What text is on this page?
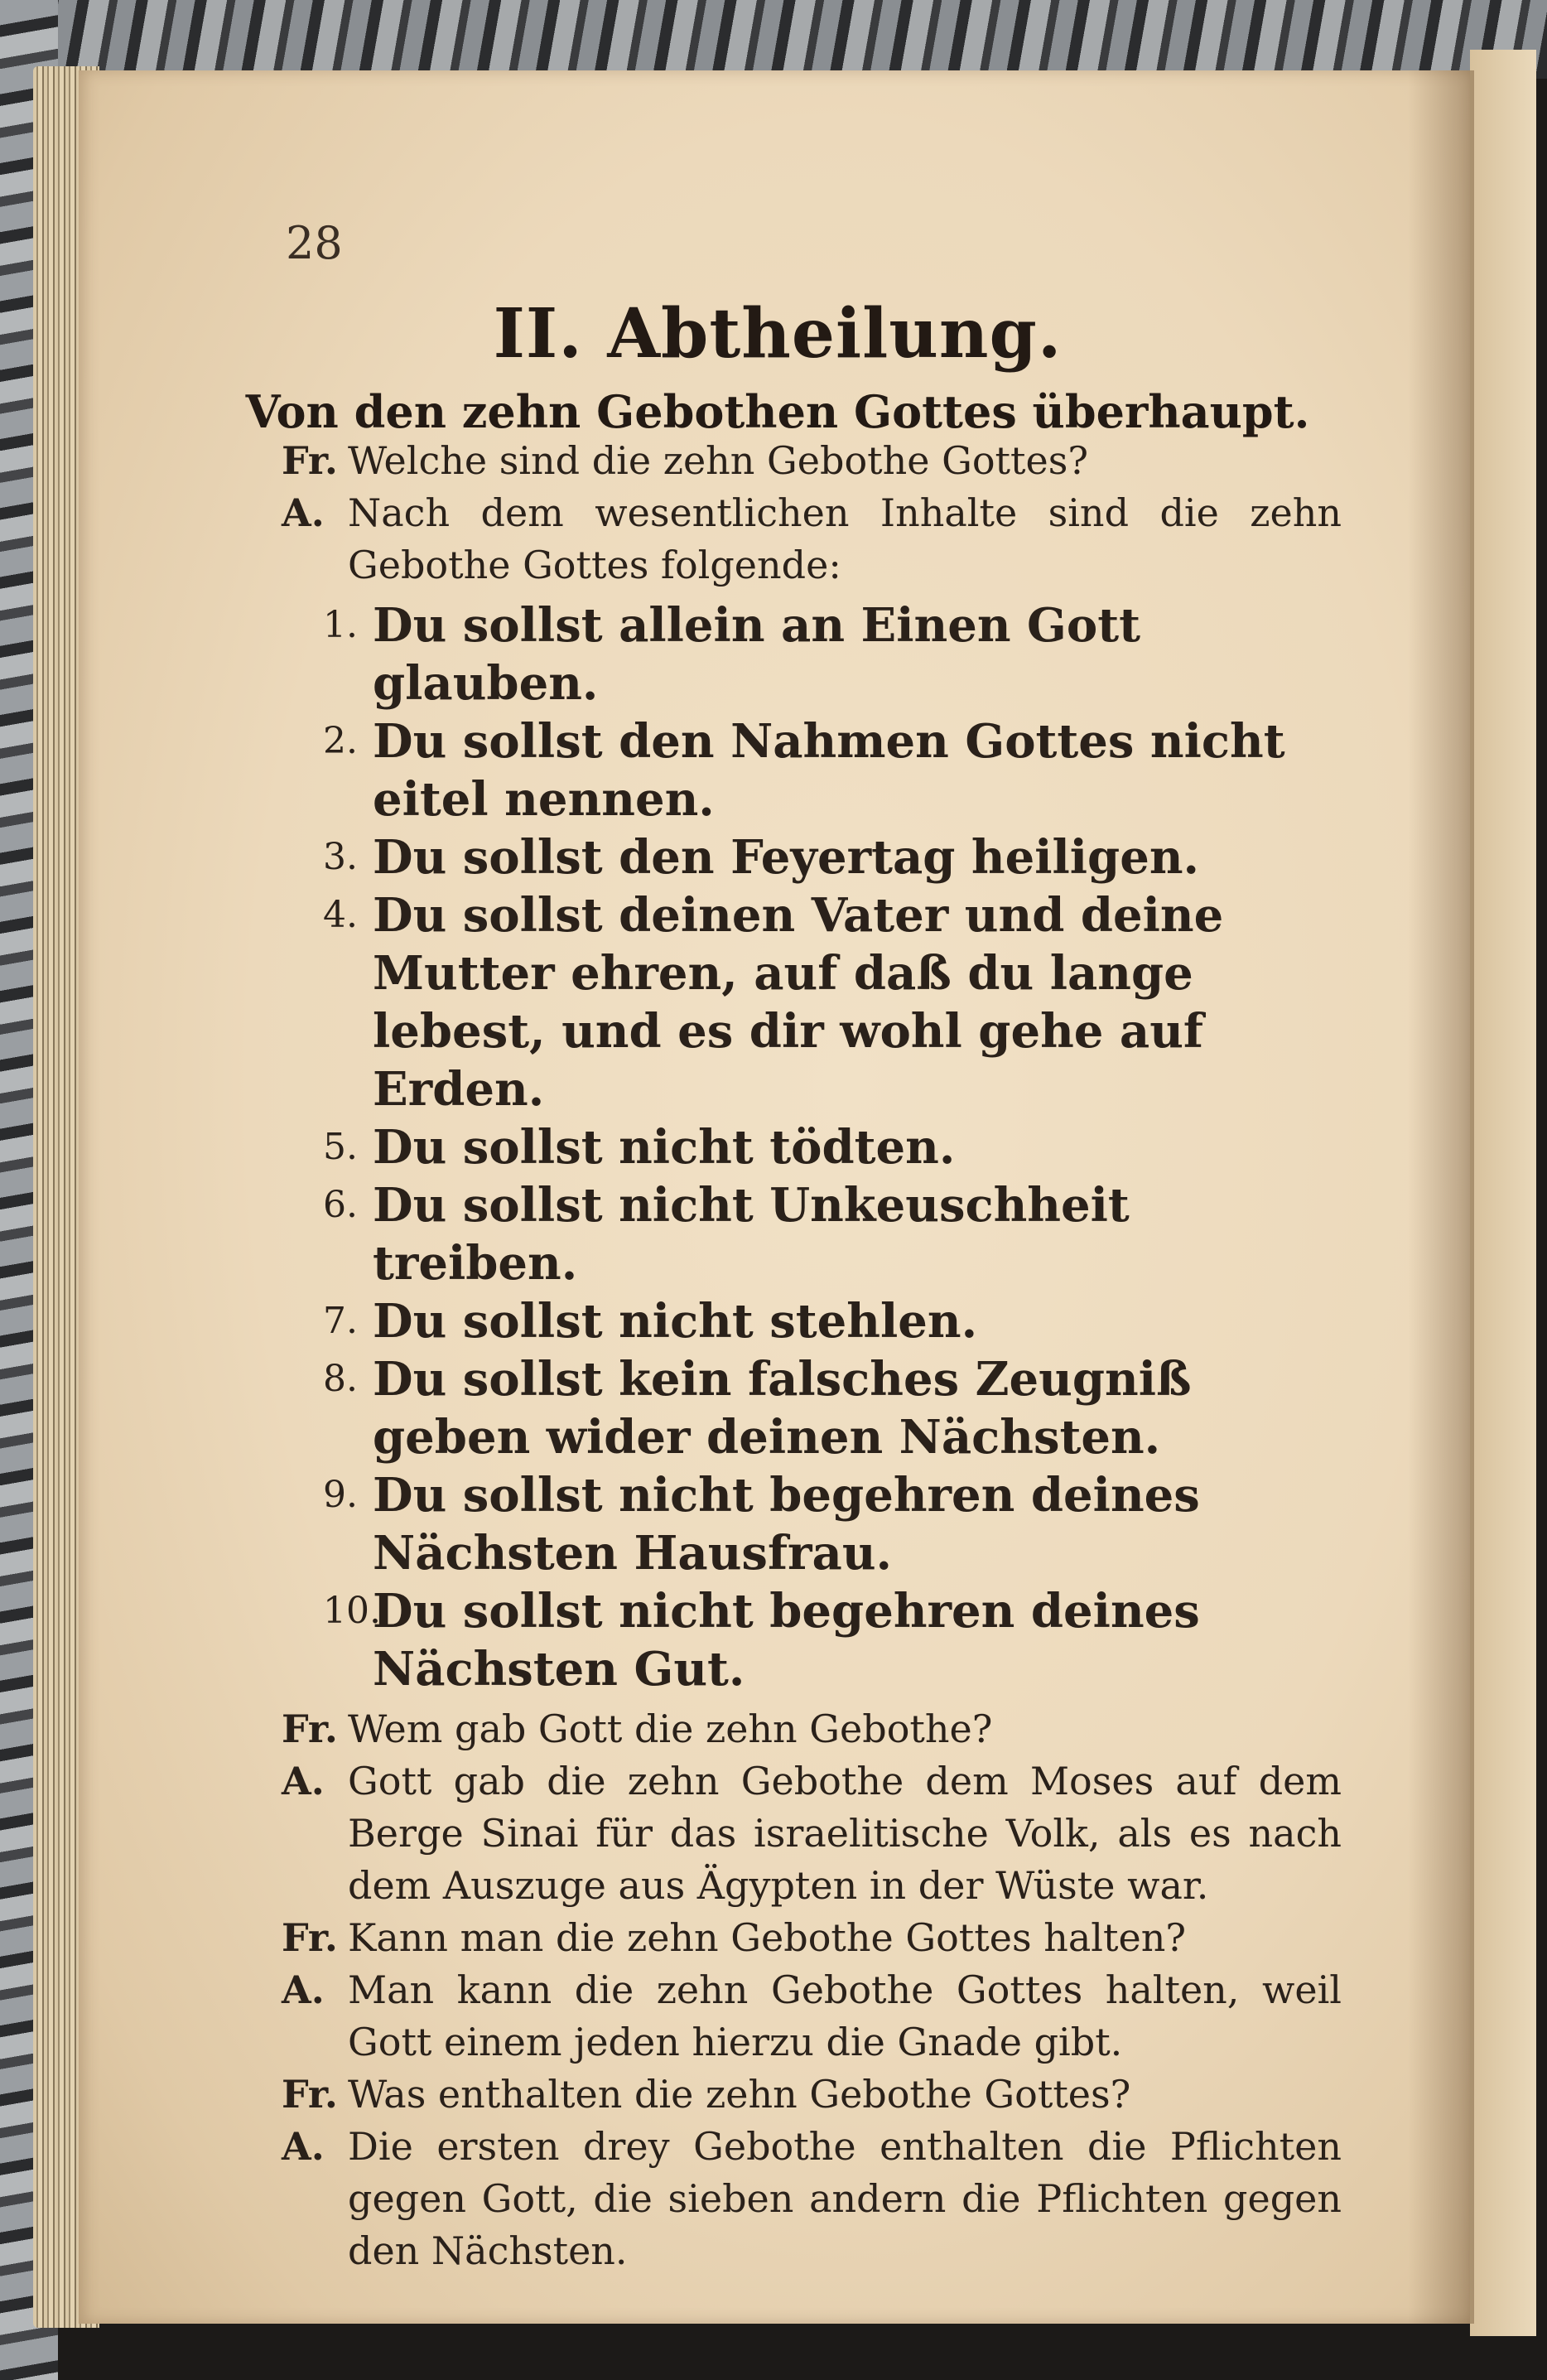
28
II. Abtheilung.
Von den zehn Gebothen Gottes überhaupt.
Fr. Welche sind die zehn Gebothe Gottes?
A. Nach dem wesentlichen Inhalte sind die zehn Gebothe Gottes folgende:
1. Du sollst allein an Einen Gott glauben.
2. Du sollst den Nahmen Gottes nicht eitel nennen.
3. Du sollst den Feyertag heiligen.
4. Du sollst deinen Vater und deine Mutter ehren, auf daß du lange lebest, und es dir wohl gehe auf Erden.
5. Du sollst nicht tödten.
6. Du sollst nicht Unkeuschheit treiben.
7. Du sollst nicht stehlen.
8. Du sollst kein falsches Zeugniß geben wider deinen Nächsten.
9. Du sollst nicht begehren deines Nächsten Hausfrau.
10.
Du sollst nicht begehren deines Nächsten Gut.
Fr. Wem gab Gott die zehn Gebothe?
A. Gott gab die zehn Gebothe dem Moses auf dem Berge Sinai für das israelitische Volk, als es nach dem Auszuge aus Ägypten in der Wüste war.
Fr. Kann man die zehn Gebothe Gottes halten?
A. Man kann die zehn Gebothe Gottes halten, weil Gott einem jeden hierzu die Gnade gibt.
Fr. Was enthalten die zehn Gebothe Gottes?
A. Die ersten drey Gebothe enthalten die Pflichten gegen Gott, die sieben andern die Pflichten gegen den Nächsten.
